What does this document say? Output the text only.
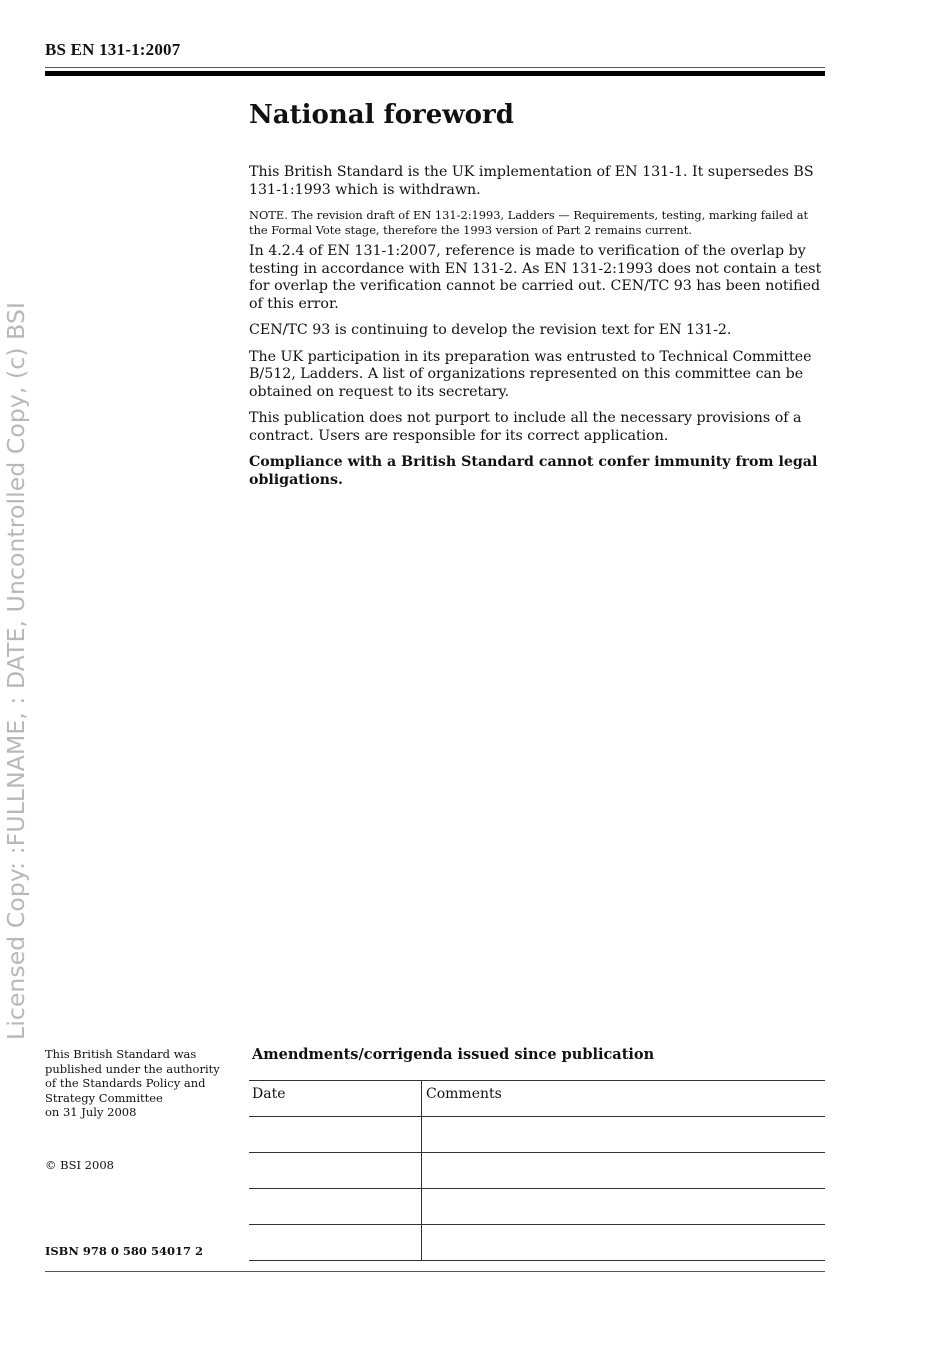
BS EN 131-1:2007
National foreword

This British Standard is the UK implementation of EN 131-1. It supersedes BS 131-1:1993 which is withdrawn.

NOTE. The revision draft of EN 131-2:1993, Ladders — Requirements, testing, marking failed at the Formal Vote stage, therefore the 1993 version of Part 2 remains current.

In 4.2.4 of EN 131-1:2007, reference is made to verification of the overlap by testing in accordance with EN 131-2. As EN 131-2:1993 does not contain a test for overlap the verification cannot be carried out. CEN/TC 93 has been notified of this error.

CEN/TC 93 is continuing to develop the revision text for EN 131-2.

The UK participation in its preparation was entrusted to Technical Committee B/512, Ladders. A list of organizations represented on this committee can be obtained on request to its secretary.

This publication does not purport to include all the necessary provisions of a contract. Users are responsible for its correct application.

Compliance with a British Standard cannot confer immunity from legal obligations.

Licensed Copy: :FULLNAME, : DATE, Uncontrolled Copy, (c) BSI
This British Standard was
published under the authority
of the Standards Policy and
Strategy Committee
on 31 July 2008
© BSI 2008
ISBN 978 0 580 54017 2
Amendments/corrigenda issued since publication
Date	Comments
